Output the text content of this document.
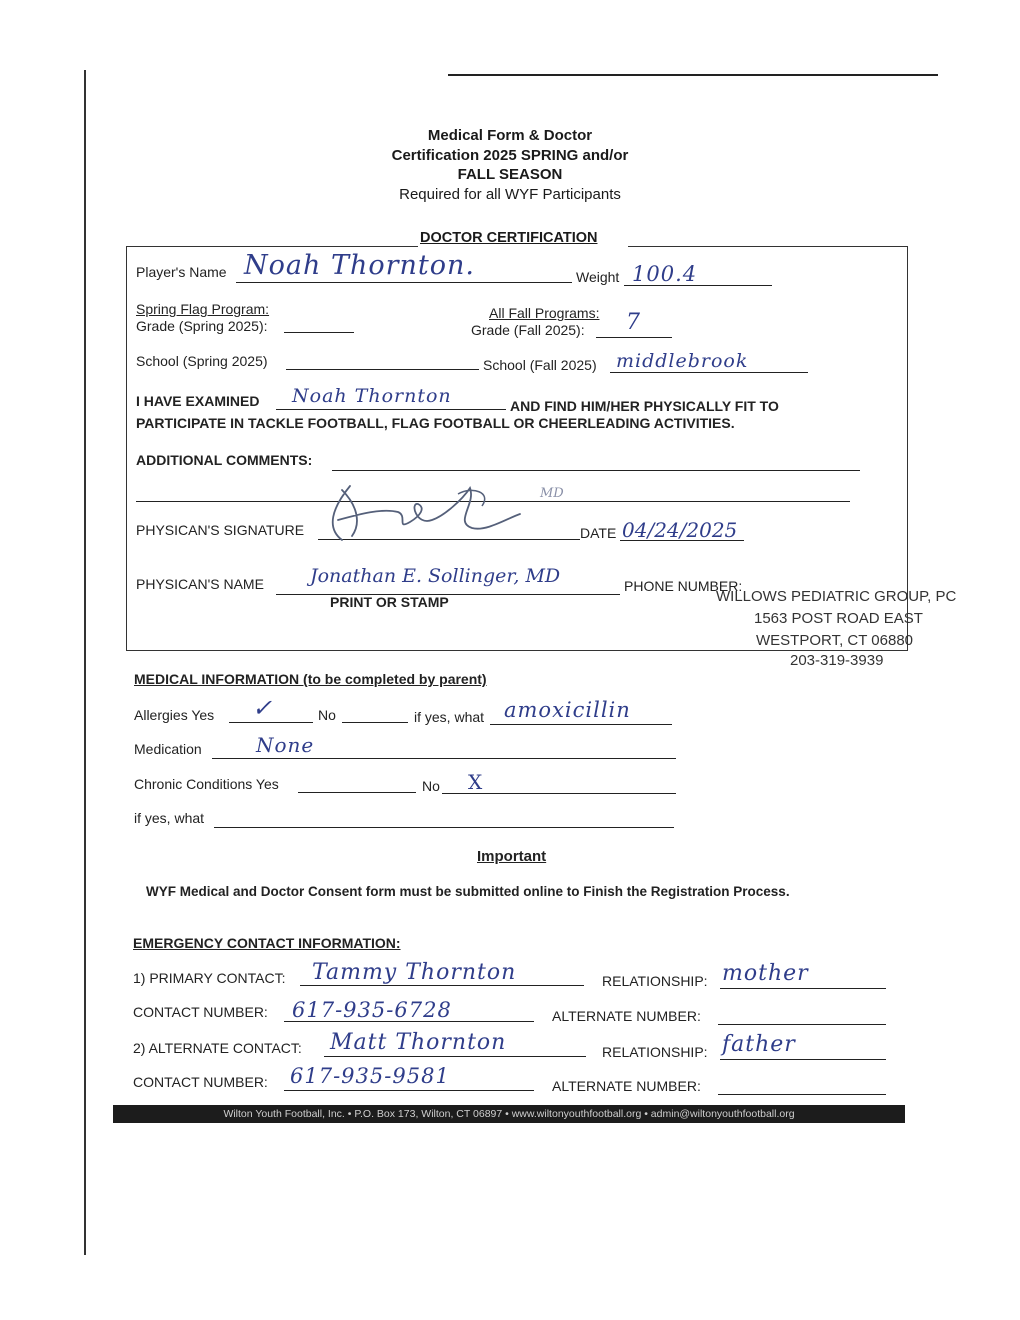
Medical Form & Doctor
Certification 2025 SPRING and/or
FALL SEASON
Required for all WYF Participants
DOCTOR CERTIFICATION
Player's Name Noah Thornton.	Weight 100.4
Spring Flag Program:
Grade (Spring 2025):
All Fall Programs:
Grade (Fall 2025): 7
School (Spring 2025)	School (Fall 2025) middlebrook
I HAVE EXAMINED Noah Thornton	AND FIND HIM/HER PHYSICALLY FIT TO
PARTICIPATE IN TACKLE FOOTBALL, FLAG FOOTBALL OR CHEERLEADING ACTIVITIES.
ADDITIONAL COMMENTS:
PHYSICAN'S SIGNATURE
MD
DATE 04/24/2025
PHYSICAN'S NAME Jonathan E. Sollinger, MD
PRINT OR STAMP
PHONE NUMBER:
WILLOWS PEDIATRIC GROUP, PC
1563 POST ROAD EAST
WESTPORT, CT 06880
203-319-3939
MEDICAL INFORMATION (to be completed by parent)
Allergies Yes ✓	No	if yes, what amoxicillin
Medication	None
Chronic Conditions Yes	No X
if yes, what
Important
WYF Medical and Doctor Consent form must be submitted online to Finish the Registration Process.
EMERGENCY CONTACT INFORMATION:
1) PRIMARY CONTACT: Tammy Thornton	RELATIONSHIP: mother
CONTACT NUMBER: 617-935-6728	ALTERNATE NUMBER:
2) ALTERNATE CONTACT: Matt Thornton	RELATIONSHIP: father
CONTACT NUMBER: 617-935-9581	ALTERNATE NUMBER:
Wilton Youth Football, Inc. • P.O. Box 173, Wilton, CT 06897 • www.wiltonyouthfootball.org • admin@wiltonyouthfootball.org
